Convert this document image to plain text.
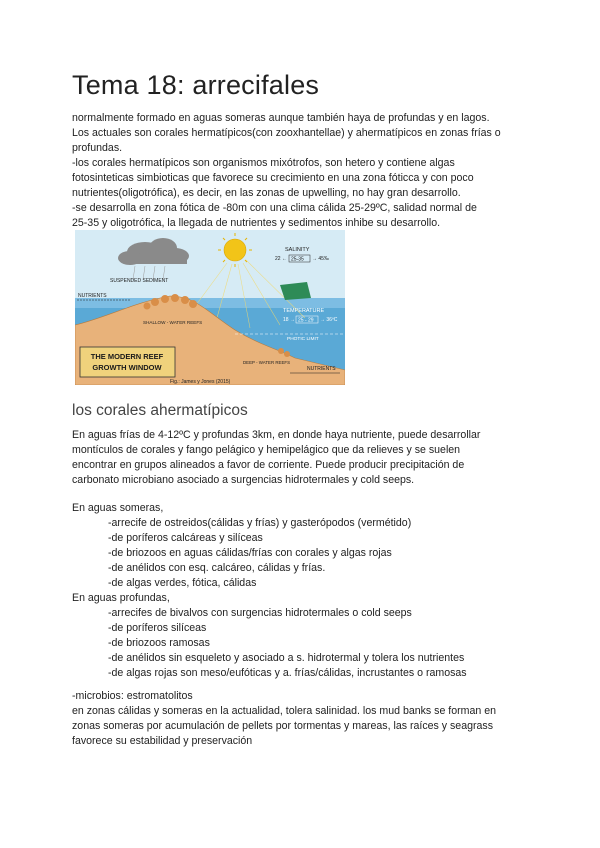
Tema 18: arrecifales
normalmente formado en aguas someras aunque también haya de profundas y en lagos.
Los actuales son corales hermatípicos(con zooxhantellae) y ahermatípicos en zonas frías o
profundas.
-los corales hermatípicos son organismos mixótrofos, son hetero y contiene algas
fotosinteticas simbioticas que favorece su crecimiento en una zona fóticca y con poco
nutrientes(oligotrófica), es decir, en las zonas de upwelling, no hay gran desarrollo.
-se desarrolla en zona fótica de -80m con una clima cálida 25-29ºC, salidad normal de
25-35 y oligotrófica, la llegada de nutrientes y sedimentos inhibe su desarrollo.
SALINITY
22 ← 25-35 → 45‰
TEMPERATURE
18 → 25 - 29 → 36ºC
SUSPENDED SEDIMENT
NUTRIENTS
SHALLOW - WATER REEFS
PHOTIC LIMIT
DEEP - WATER REEFS
NUTRIENTS
THE MODERN REEF
GROWTH WINDOW
Fig.: James y Jones (2015)
los corales ahermatípicos
En aguas frías de 4-12ºC y profundas 3km, en donde haya nutriente, puede desarrollar
montículos de corales y fango pelágico y hemipelágico que da relieves y se suelen
encontrar en grupos alineados a favor de corriente. Puede producir precipitación de
carbonato microbiano asociado a surgencias hidrotermales y cold seeps.
En aguas someras,
-arrecife de ostreidos(cálidas y frías) y gasterópodos (vermétido)
-de poríferos calcáreas y silíceas
-de briozoos en aguas cálidas/frías con corales y algas rojas
-de anélidos con esq. calcáreo, cálidas y frías.
-de algas verdes, fótica, cálidas
En aguas profundas,
-arrecifes de bivalvos con surgencias hidrotermales o cold seeps
-de poríferos silíceas
-de briozoos ramosas
-de anélidos sin esqueleto y asociado a s. hidrotermal y tolera los nutrientes
-de algas rojas son meso/eufóticas y a. frías/cálidas, incrustantes o ramosas
-microbios: estromatolitos
en zonas cálidas y someras en la actualidad, tolera salinidad. los mud banks se forman en
zonas someras por acumulación de pellets por tormentas y mareas, las raíces y seagrass
favorece su estabilidad y preservación
